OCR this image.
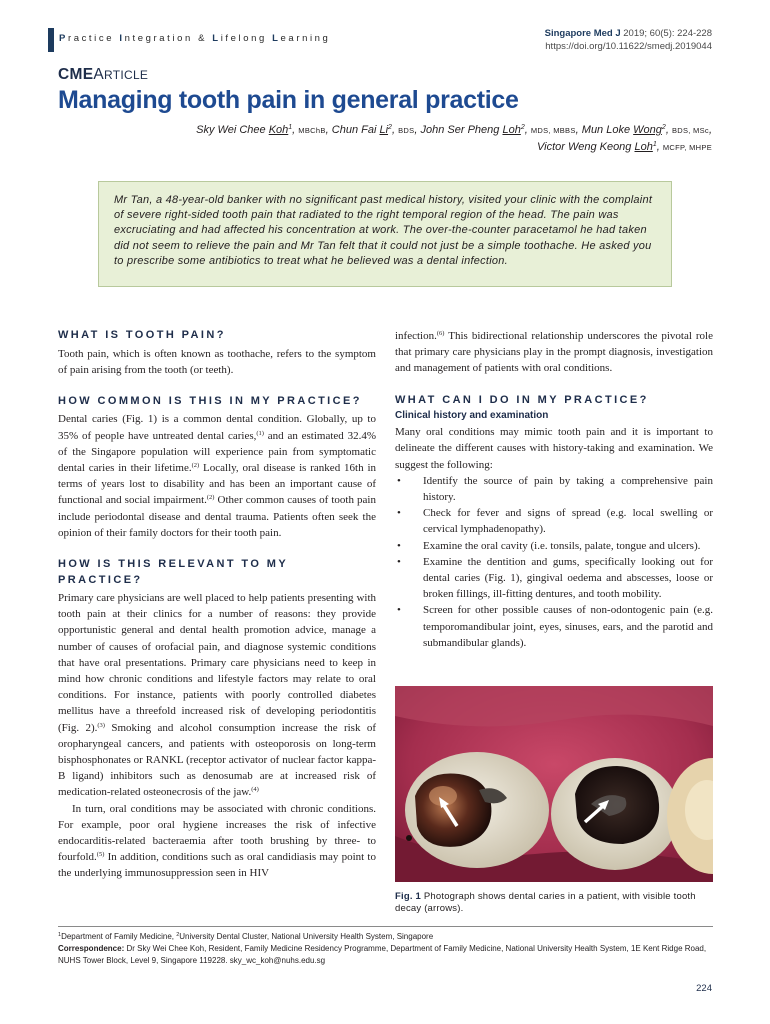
Practice Integration & Lifelong Learning	Singapore Med J 2019; 60(5): 224-228
https://doi.org/10.11622/smedj.2019044
CMEARTICLE
Managing tooth pain in general practice
Sky Wei Chee Koh$^1$, MBChB, Chun Fai Li$^2$, BDS, John Ser Pheng Loh$^2$, MDS, MBBS, Mun Loke Wong$^2$, BDS, MSc,
Victor Weng Keong Loh$^1$, MCFP, MHPE
Mr Tan, a 48-year-old banker with no significant past medical history, visited your clinic with the complaint of severe right-sided tooth pain that radiated to the right temporal region of the head. The pain was excruciating and had affected his concentration at work. The over-the-counter paracetamol he had taken did not seem to relieve the pain and Mr Tan felt that it could not just be a simple toothache. He asked you to prescribe some antibiotics to treat what he believed was a dental infection.
WHAT IS TOOTH PAIN?
Tooth pain, which is often known as toothache, refers to the symptom of pain arising from the tooth (or teeth).
HOW COMMON IS THIS IN MY PRACTICE?
Dental caries (Fig. 1) is a common dental condition. Globally, up to 35% of people have untreated dental caries,$^{(1)}$ and an estimated 32.4% of the Singapore population will experience pain from symptomatic dental caries in their lifetime.$^{(2)}$ Locally, oral disease is ranked 16th in terms of years lost to disability and has been an important cause of functional and social impairment.$^{(2)}$ Other common causes of tooth pain include periodontal disease and dental trauma. Patients often seek the opinion of their family doctors for their tooth pain.
HOW IS THIS RELEVANT TO MY PRACTICE?
Primary care physicians are well placed to help patients presenting with tooth pain at their clinics for a number of reasons: they provide opportunistic general and dental health promotion advice, manage a number of causes of orofacial pain, and diagnose systemic conditions that have oral presentations. Primary care physicians need to keep in mind how chronic conditions and lifestyle factors may relate to oral conditions. For instance, patients with poorly controlled diabetes mellitus have a threefold increased risk of developing periodontitis (Fig. 2).$^{(3)}$ Smoking and alcohol consumption increase the risk of oropharyngeal cancers, and patients with osteoporosis on long-term bisphosphonates or RANKL (receptor activator of nuclear factor kappa-B ligand) inhibitors such as denosumab are at increased risk of medication-related osteonecrosis of the jaw.$^{(4)}$
In turn, oral conditions may be associated with chronic conditions. For example, poor oral hygiene increases the risk of infective endocarditis-related bacteraemia after tooth brushing by three- to fourfold.$^{(5)}$ In addition, conditions such as oral candidiasis may point to the underlying immunosuppression seen in HIV
infection.$^{(6)}$ This bidirectional relationship underscores the pivotal role that primary care physicians play in the prompt diagnosis, investigation and management of patients with oral conditions.
WHAT CAN I DO IN MY PRACTICE?
Clinical history and examination
Many oral conditions may mimic tooth pain and it is important to delineate the different causes with history-taking and examination. We suggest the following:
• Identify the source of pain by taking a comprehensive pain history.
• Check for fever and signs of spread (e.g. local swelling or cervical lymphadenopathy).
• Examine the oral cavity (i.e. tonsils, palate, tongue and ulcers).
• Examine the dentition and gums, specifically looking out for dental caries (Fig. 1), gingival oedema and abscesses, loose or broken fillings, ill-fitting dentures, and tooth mobility.
• Screen for other possible causes of non-odontogenic pain (e.g. temporomandibular joint, eyes, sinuses, ears, and the parotid and submandibular glands).
Fig. 1 Photograph shows dental caries in a patient, with visible tooth decay (arrows).
$^1$Department of Family Medicine, $^2$University Dental Cluster, National University Health System, Singapore
Correspondence: Dr Sky Wei Chee Koh, Resident, Family Medicine Residency Programme, Department of Family Medicine, National University Health System, 1E Kent Ridge Road, NUHS Tower Block, Level 9, Singapore 119228. sky_wc_koh@nuhs.edu.sg
224
